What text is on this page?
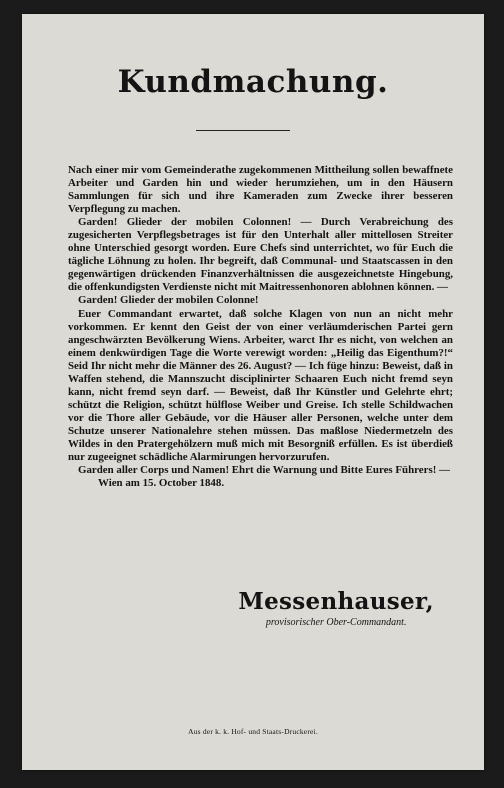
Kundmachung.

Nach einer mir vom Gemeinderathe zugekommenen Mittheilung sollen bewaffnete Arbeiter und Garden hin und wieder herumziehen, um in den Häusern Sammlungen für sich und ihre Kameraden zum Zwecke ihrer besseren Verpflegung zu machen.

Garden! Glieder der mobilen Colonnen! — Durch Verabreichung des zugesicherten Verpflegsbetrages ist für den Unterhalt aller mittellosen Streiter ohne Unterschied gesorgt worden. Eure Chefs sind unterrichtet, wo für Euch die tägliche Löhnung zu holen. Ihr begreift, daß Communal- und Staatscassen in den gegenwärtigen drückenden Finanzverhältnissen die ausgezeichnetste Hingebung, die offenkundigsten Verdienste nicht mit Maitressenhonoren ablohnen können. —

Garden! Glieder der mobilen Colonne!

Euer Commandant erwartet, daß solche Klagen von nun an nicht mehr vorkommen. Er kennt den Geist der von einer verläumderischen Partei gern angeschwärzten Bevölkerung Wiens. Arbeiter, warct Ihr es nicht, von welchen an einem denkwürdigen Tage die Worte verewigt worden: „Heilig das Eigenthum?!“ Seid Ihr nicht mehr die Männer des 26. August? — Ich füge hinzu: Beweist, daß in Waffen stehend, die Mannszucht disciplinirter Schaaren Euch nicht fremd seyn kann, nicht fremd seyn darf. — Beweist, daß Ihr Künstler und Gelehrte ehrt; schützt die Religion, schützt hülflose Weiber und Greise. Ich stelle Schildwachen vor die Thore aller Gebäude, vor die Häuser aller Personen, welche unter dem Schutze unserer Nationalehre stehen müssen. Das maßlose Niedermetzeln des Wildes in den Pratergehölzern muß mich mit Besorgniß erfüllen. Es ist überdieß nur zugeeignet schädliche Alarmirungen hervorzurufen.

Garden aller Corps und Namen! Ehrt die Warnung und Bitte Eures Führers! —

Wien am 15. October 1848.

Messenhauser,
provisorischer Ober-Commandant.
Aus der k. k. Hof- und Staats-Druckerei.
